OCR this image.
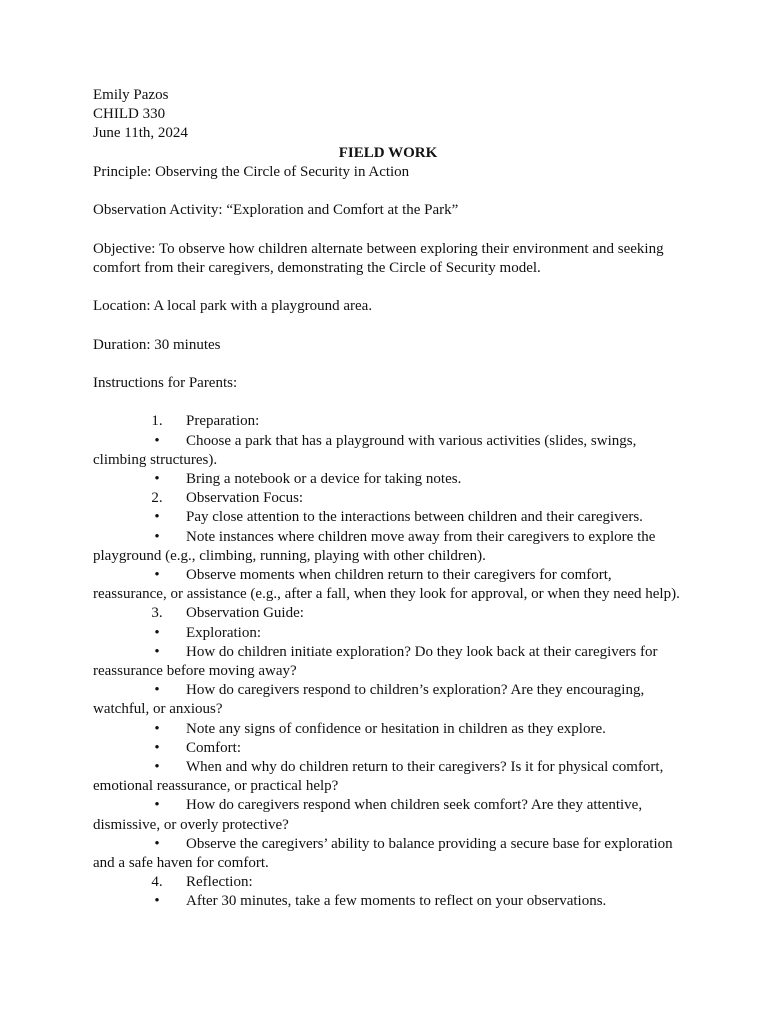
Emily Pazos
CHILD 330
June 11th, 2024
FIELD WORK
Principle: Observing the Circle of Security in Action
Observation Activity: “Exploration and Comfort at the Park”
Objective: To observe how children alternate between exploring their environment and seeking comfort from their caregivers, demonstrating the Circle of Security model.
Location: A local park with a playground area.
Duration: 30 minutes
Instructions for Parents:
1. Preparation:
• Choose a park that has a playground with various activities (slides, swings, climbing structures).
• Bring a notebook or a device for taking notes.
2. Observation Focus:
• Pay close attention to the interactions between children and their caregivers.
• Note instances where children move away from their caregivers to explore the playground (e.g., climbing, running, playing with other children).
• Observe moments when children return to their caregivers for comfort, reassurance, or assistance (e.g., after a fall, when they look for approval, or when they need help).
3. Observation Guide:
• Exploration:
• How do children initiate exploration? Do they look back at their caregivers for reassurance before moving away?
• How do caregivers respond to children’s exploration? Are they encouraging, watchful, or anxious?
• Note any signs of confidence or hesitation in children as they explore.
• Comfort:
• When and why do children return to their caregivers? Is it for physical comfort, emotional reassurance, or practical help?
• How do caregivers respond when children seek comfort? Are they attentive, dismissive, or overly protective?
• Observe the caregivers’ ability to balance providing a secure base for exploration and a safe haven for comfort.
4. Reflection:
• After 30 minutes, take a few moments to reflect on your observations.
